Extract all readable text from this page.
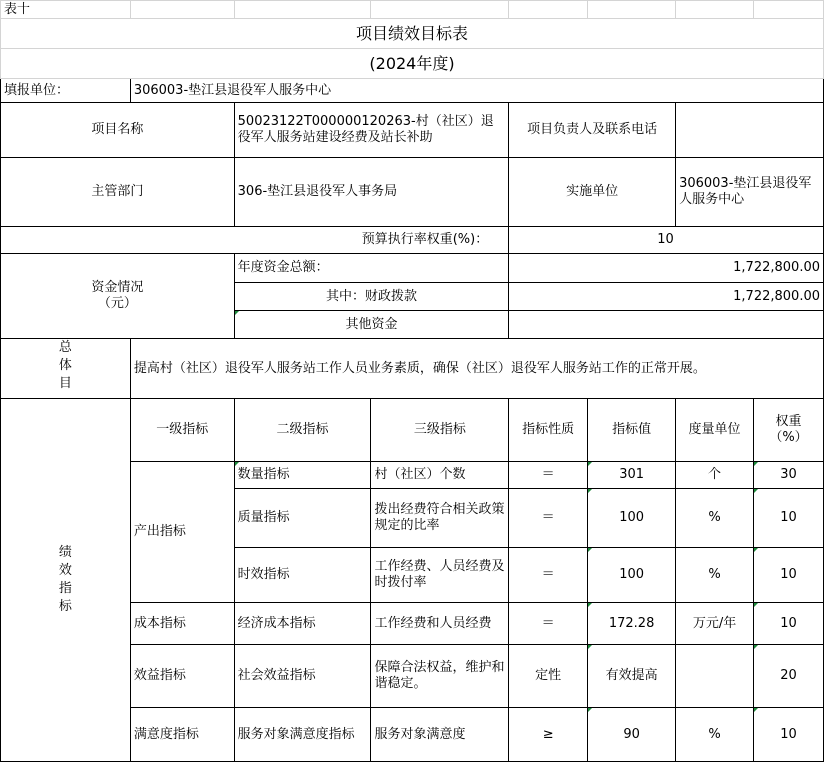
表十							
项目绩效目标表							
(2024年度)							
填报单位：	306003-垫江县退役军人服务中心						
项目名称		50023122T000000120263-村（社区）退役军人服务站建设经费及站长补助		项目负责人及联系电话			
主管部门		306-垫江县退役军人事务局		实施单位		306003-垫江县退役军人服务中心	
预算执行率权重(%)：				10			
资金情况
（元）		年度资金总额：		1,722,800.00			
		其中：财政拨款		1,722,800.00			
		其他资金					
总
体
目	提高村（社区）退役军人服务站工作人员业务素质，确保（社区）退役军人服务站工作的正常开展。						
绩
效
指
标	一级指标	二级指标	三级指标	指标性质	指标值	度量单位	权重
（%）
	产出指标	数量指标	村（社区）个数	＝	301	个	30
		质量指标	拨出经费符合相关政策规定的比率	＝	100	%	10
		时效指标	工作经费、人员经费及时拨付率	＝	100	%	10
	成本指标	经济成本指标	工作经费和人员经费	＝	172.28	万元/年	10
	效益指标	社会效益指标	保障合法权益，维护和谐稳定。	定性	有效提高		20
	满意度指标	服务对象满意度指标	服务对象满意度	≥	90	%	10
